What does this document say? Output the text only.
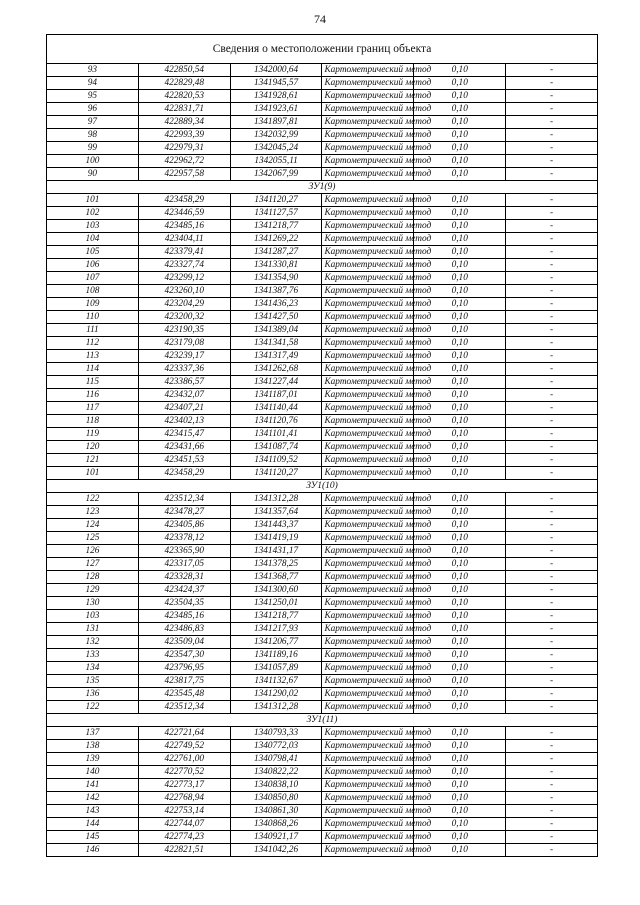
74
Сведения о местоположении границ объекта					
93	422850,54	1342000,64	Картометрический метод	0,10	-
94	422829,48	1341945,57	Картометрический метод	0,10	-
95	422820,53	1341928,61	Картометрический метод	0,10	-
96	422831,71	1341923,61	Картометрический метод	0,10	-
97	422889,34	1341897,81	Картометрический метод	0,10	-
98	422993,39	1342032,99	Картометрический метод	0,10	-
99	422979,31	1342045,24	Картометрический метод	0,10	-
100	422962,72	1342055,11	Картометрический метод	0,10	-
90	422957,58	1342067,99	Картометрический метод	0,10	-
ЗУ1(9)					
101	423458,29	1341120,27	Картометрический метод	0,10	-
102	423446,59	1341127,57	Картометрический метод	0,10	-
103	423485,16	1341218,77	Картометрический метод	0,10	-
104	423404,11	1341269,22	Картометрический метод	0,10	-
105	423379,41	1341287,27	Картометрический метод	0,10	-
106	423327,74	1341330,81	Картометрический метод	0,10	-
107	423299,12	1341354,90	Картометрический метод	0,10	-
108	423260,10	1341387,76	Картометрический метод	0,10	-
109	423204,29	1341436,23	Картометрический метод	0,10	-
110	423200,32	1341427,50	Картометрический метод	0,10	-
111	423190,35	1341389,04	Картометрический метод	0,10	-
112	423179,08	1341341,58	Картометрический метод	0,10	-
113	423239,17	1341317,49	Картометрический метод	0,10	-
114	423337,36	1341262,68	Картометрический метод	0,10	-
115	423386,57	1341227,44	Картометрический метод	0,10	-
116	423432,07	1341187,01	Картометрический метод	0,10	-
117	423407,21	1341140,44	Картометрический метод	0,10	-
118	423402,13	1341120,76	Картометрический метод	0,10	-
119	423415,47	1341101,41	Картометрический метод	0,10	-
120	423431,66	1341087,74	Картометрический метод	0,10	-
121	423451,53	1341109,52	Картометрический метод	0,10	-
101	423458,29	1341120,27	Картометрический метод	0,10	-
ЗУ1(10)					
122	423512,34	1341312,28	Картометрический метод	0,10	-
123	423478,27	1341357,64	Картометрический метод	0,10	-
124	423405,86	1341443,37	Картометрический метод	0,10	-
125	423378,12	1341419,19	Картометрический метод	0,10	-
126	423365,90	1341431,17	Картометрический метод	0,10	-
127	423317,05	1341378,25	Картометрический метод	0,10	-
128	423328,31	1341368,77	Картометрический метод	0,10	-
129	423424,37	1341300,60	Картометрический метод	0,10	-
130	423504,35	1341250,01	Картометрический метод	0,10	-
103	423485,16	1341218,77	Картометрический метод	0,10	-
131	423486,83	1341217,93	Картометрический метод	0,10	-
132	423509,04	1341206,77	Картометрический метод	0,10	-
133	423547,30	1341189,16	Картометрический метод	0,10	-
134	423796,95	1341057,89	Картометрический метод	0,10	-
135	423817,75	1341132,67	Картометрический метод	0,10	-
136	423545,48	1341290,02	Картометрический метод	0,10	-
122	423512,34	1341312,28	Картометрический метод	0,10	-
ЗУ1(11)					
137	422721,64	1340793,33	Картометрический метод	0,10	-
138	422749,52	1340772,03	Картометрический метод	0,10	-
139	422761,00	1340798,41	Картометрический метод	0,10	-
140	422770,52	1340822,22	Картометрический метод	0,10	-
141	422773,17	1340838,10	Картометрический метод	0,10	-
142	422768,94	1340850,80	Картометрический метод	0,10	-
143	422753,14	1340861,30	Картометрический метод	0,10	-
144	422744,07	1340868,26	Картометрический метод	0,10	-
145	422774,23	1340921,17	Картометрический метод	0,10	-
146	422821,51	1341042,26	Картометрический метод	0,10	-
